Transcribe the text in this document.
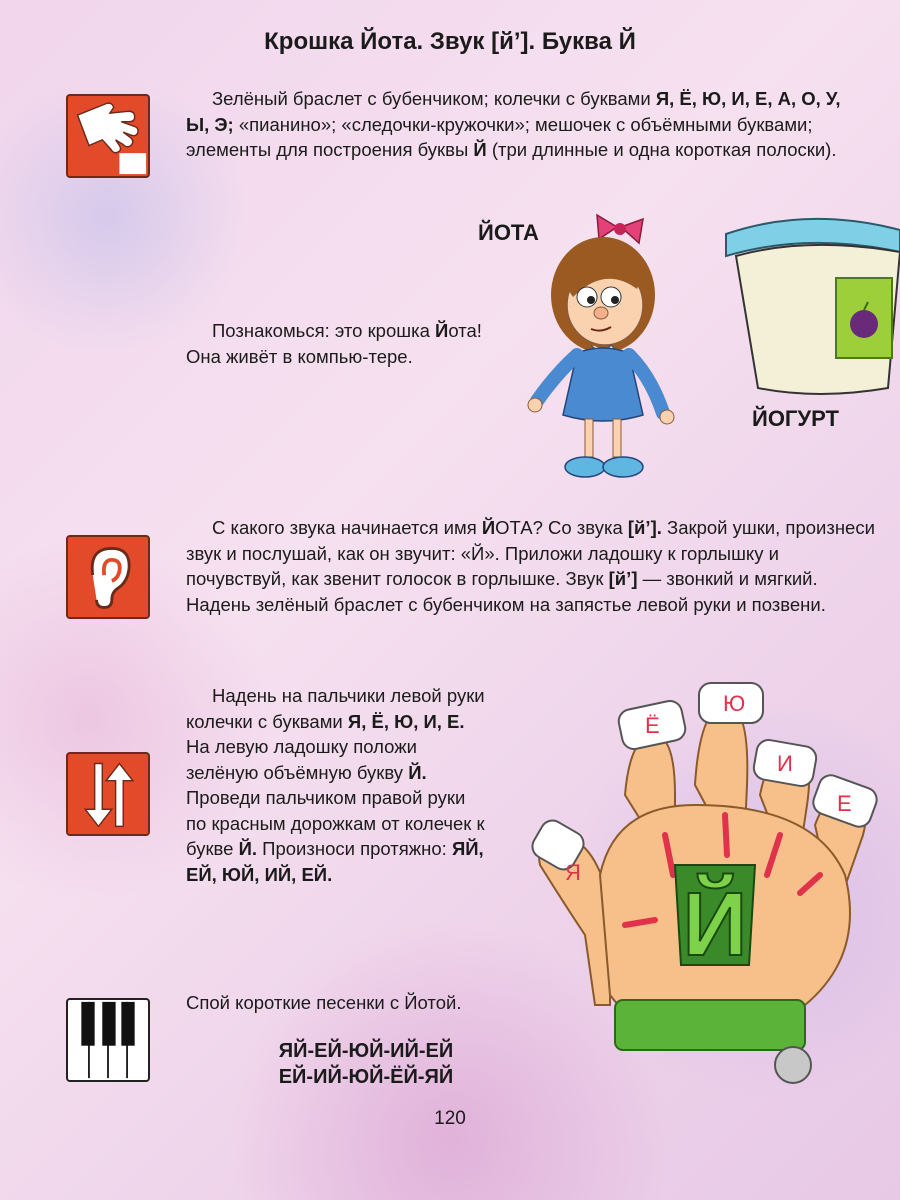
Крошка Йота. Звук [й’]. Буква Й

Зелёный браслет с бубенчиком; колечки с буквами Я, Ё, Ю, И, Е, А, О, У, Ы, Э; «пианино»; «следочки-кружочки»; мешочек с объёмными буквами; элементы для построения буквы Й (три длинные и одна короткая полоски).

ЙОТА

Познакомься: это крошка Йота! Она живёт в компью-тере.

ЙОГУРТ

С какого звука начинается имя ЙОТА? Со звука [й’]. Закрой ушки, произнеси звук и послушай, как он звучит: «Й». Приложи ладошку к горлышку и почувствуй, как звенит голосок в горлышке. Звук [й’] — звонкий и мягкий. Надень зелёный браслет с бубенчиком на запястье левой руки и позвени.

Надень на пальчики левой руки колечки с буквами Я, Ё, Ю, И, Е. На левую ладошку положи зелёную объёмную букву Й. Проведи пальчиком правой руки по красным дорожкам от колечек к букве Й. Произноси протяжно: ЯЙ, ЕЙ, ЮЙ, ИЙ, ЕЙ.

Й
Я
Ё
Ю
И
Е

Спой короткие песенки с Йотой.

ЯЙ-ЕЙ-ЮЙ-ИЙ-ЕЙ
ЕЙ-ИЙ-ЮЙ-ЁЙ-ЯЙ
120
